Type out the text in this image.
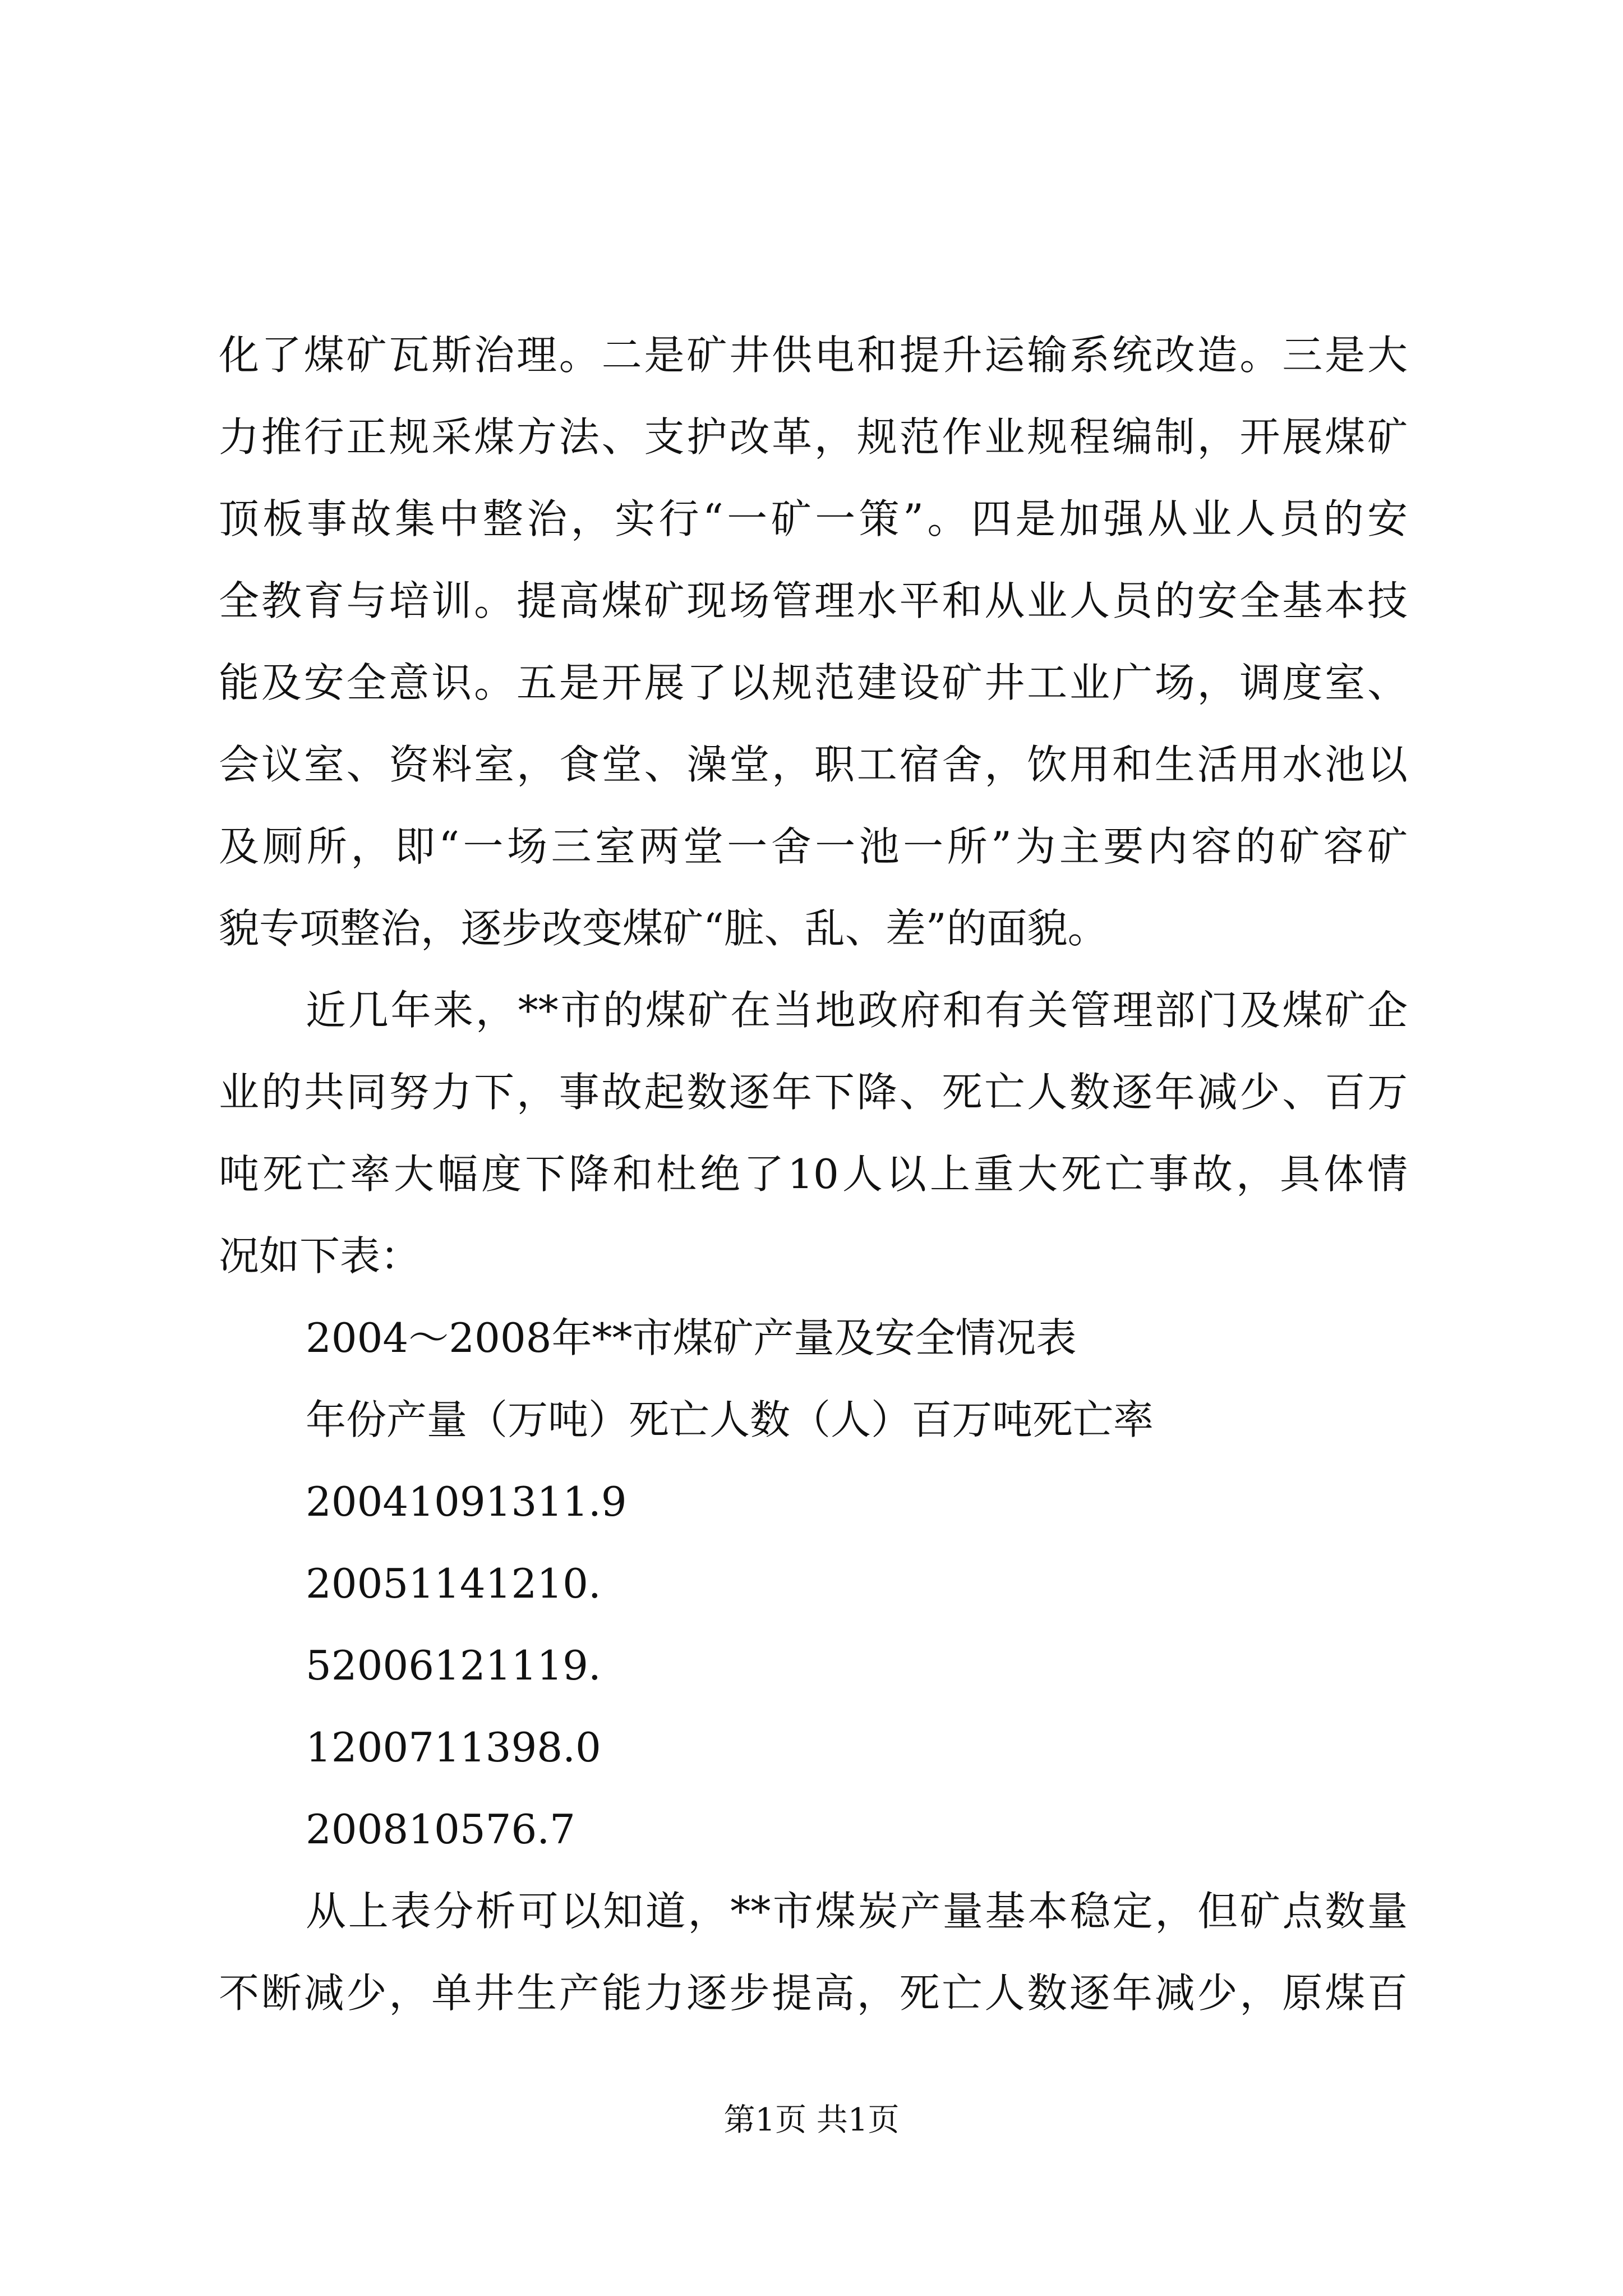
化了煤矿瓦斯治理。二是矿井供电和提升运输系统改造。三是大
力推行正规采煤方法、支护改革，规范作业规程编制，开展煤矿
顶板事故集中整治，实行“一矿一策”。四是加强从业人员的安
全教育与培训。提高煤矿现场管理水平和从业人员的安全基本技
能及安全意识。五是开展了以规范建设矿井工业广场，调度室、
会议室、资料室，食堂、澡堂，职工宿舍，饮用和生活用水池以
及厕所，即“一场三室两堂一舍一池一所”为主要内容的矿容矿
貌专项整治，逐步改变煤矿“脏、乱、差”的面貌。
近几年来，**市的煤矿在当地政府和有关管理部门及煤矿企
业的共同努力下，事故起数逐年下降、死亡人数逐年减少、百万
吨死亡率大幅度下降和杜绝了10人以上重大死亡事故，具体情
况如下表：
2004～2008年**市煤矿产量及安全情况表
年份产量（万吨）死亡人数（人）百万吨死亡率
20041091311.9
20051141210.
52006121119.
1200711398.0
200810576.7
从上表分析可以知道，**市煤炭产量基本稳定，但矿点数量
不断减少，单井生产能力逐步提高，死亡人数逐年减少，原煤百
第1页 共1页
